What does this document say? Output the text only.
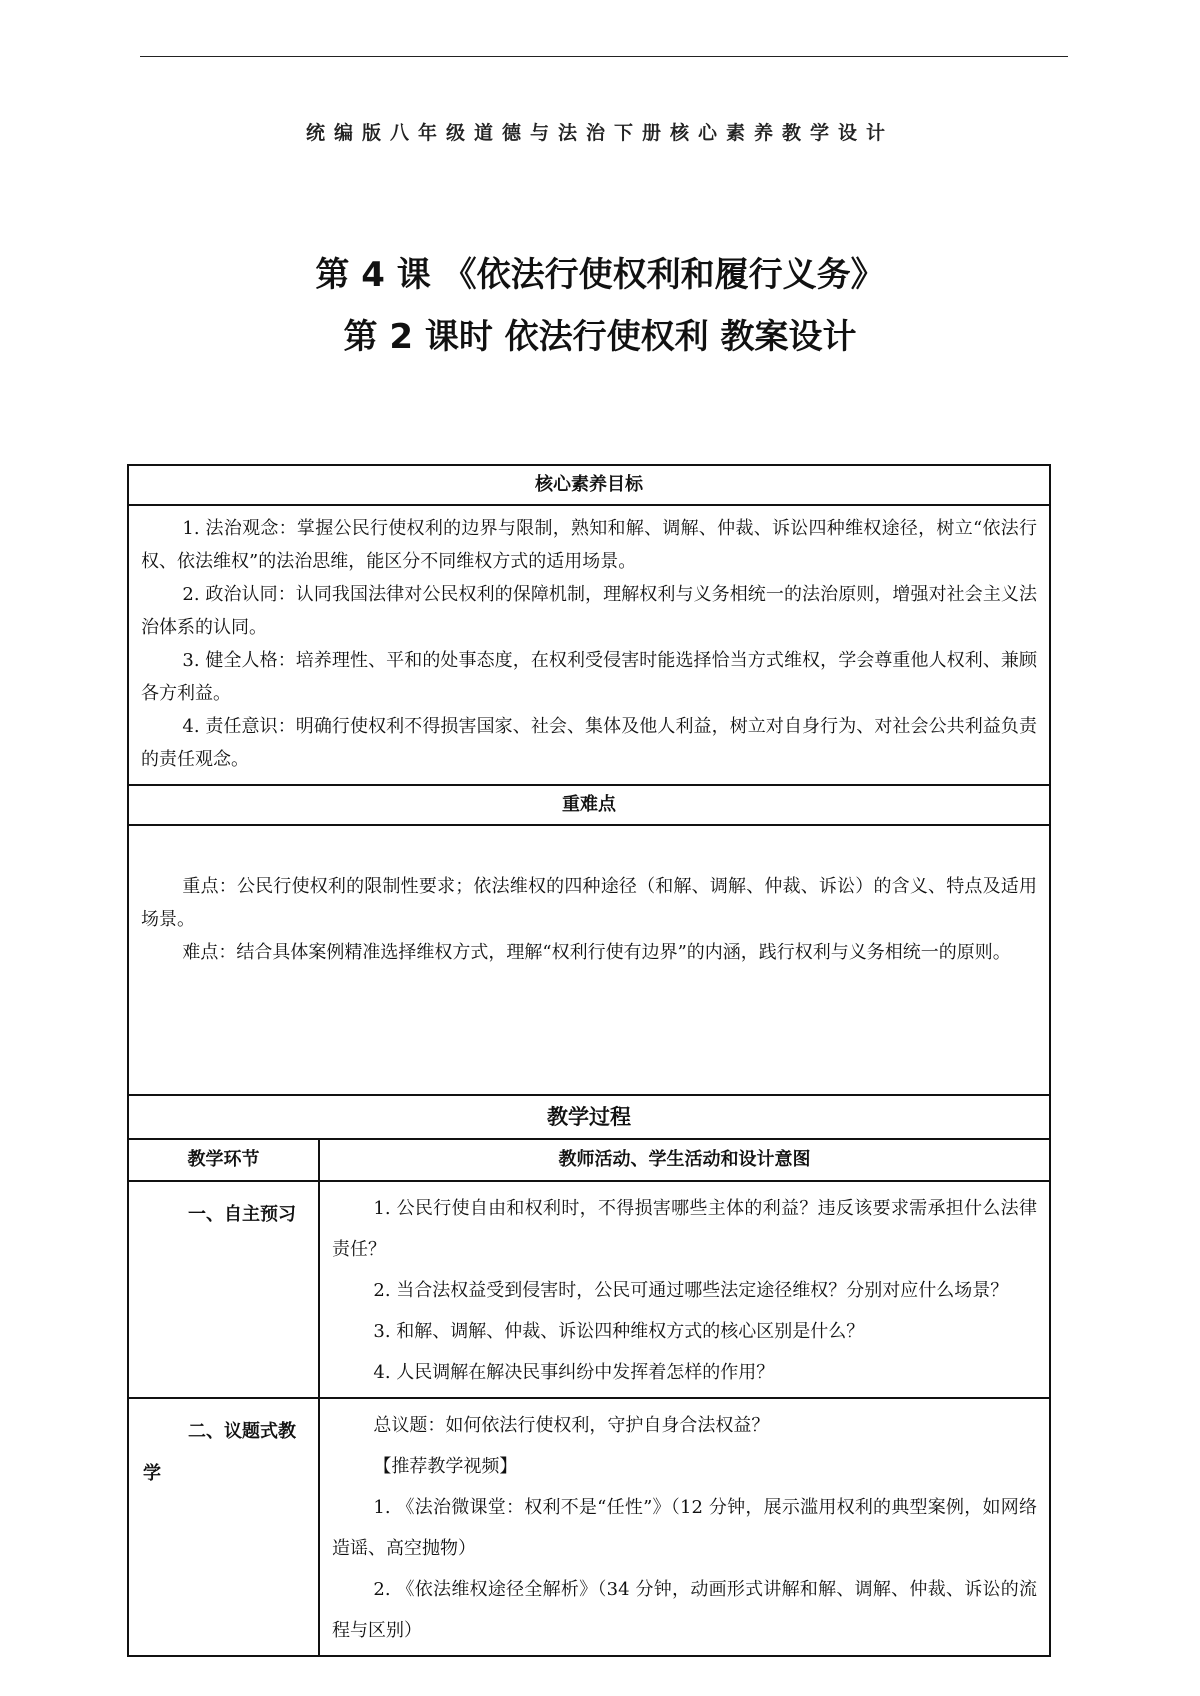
统编版八年级道德与法治下册核心素养教学设计
第 4 课 《依法行使权利和履行义务》
第 2 课时 依法行使权利 教案设计
核心素养目标	

1. 法治观念：掌握公民行使权利的边界与限制，熟知和解、调解、仲裁、诉讼四种维权途径，树立“依法行权、依法维权”的法治思维，能区分不同维权方式的适用场景。

2. 政治认同：认同我国法律对公民权利的保障机制，理解权利与义务相统一的法治原则，增强对社会主义法治体系的认同。

3. 健全人格：培养理性、平和的处事态度，在权利受侵害时能选择恰当方式维权，学会尊重他人权利、兼顾各方利益。

4. 责任意识：明确行使权利不得损害国家、社会、集体及他人利益，树立对自身行为、对社会公共利益负责的责任观念。	

重难点	

重点：公民行使权利的限制性要求；依法维权的四种途径（和解、调解、仲裁、诉讼）的含义、特点及适用场景。

难点：结合具体案例精准选择维权方式，理解“权利行使有边界”的内涵，践行权利与义务相统一的原则。	

教学过程	
教学环节	教师活动、学生活动和设计意图

一、自主预习	1. 公民行使自由和权利时，不得损害哪些主体的利益？违反该要求需承担什么法律责任？

2. 当合法权益受到侵害时，公民可通过哪些法定途径维权？分别对应什么场景？

3. 和解、调解、仲裁、诉讼四种维权方式的核心区别是什么？

4. 人民调解在解决民事纠纷中发挥着怎样的作用？

二、议题式教学	总议题：如何依法行使权利，守护自身合法权益？

【推荐教学视频】

1. 《法治微课堂：权利不是“任性”》（12 分钟，展示滥用权利的典型案例，如网络造谣、高空抛物）

2. 《依法维权途径全解析》（34 分钟，动画形式讲解和解、调解、仲裁、诉讼的流程与区别）
